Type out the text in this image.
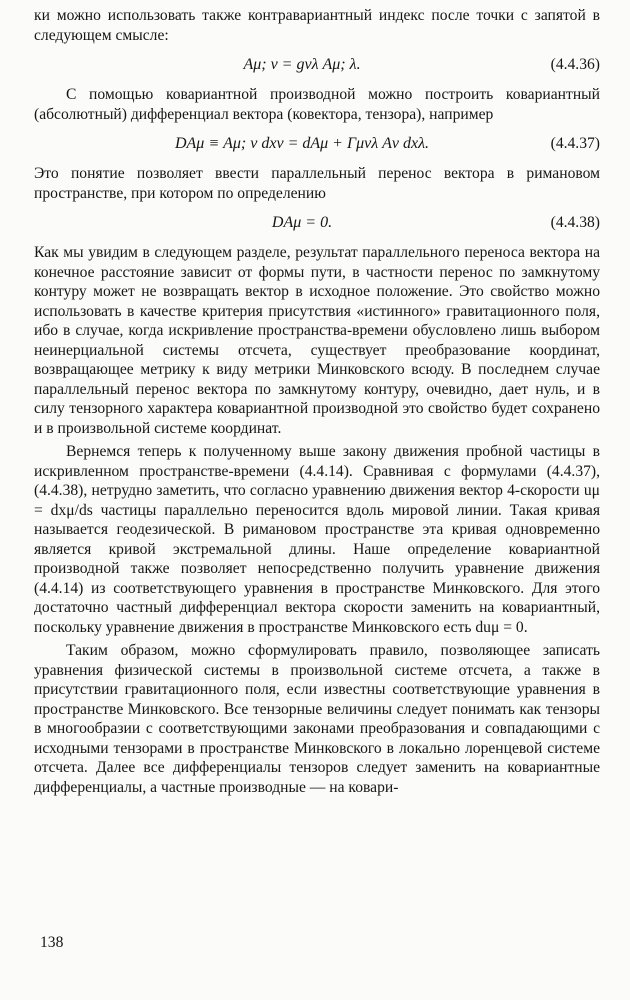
ки можно использовать также контравариантный индекс после точки с запятой в следующем смысле:

Aμ; ν = gνλ Aμ; λ.	(4.4.36)

С помощью ковариантной производной можно построить ковариантный (абсолютный) дифференциал вектора (ковектора, тензора), например

DAμ ≡ Aμ; ν dxν = dAμ + Γμνλ Aν dxλ.	(4.4.37)

Это понятие позволяет ввести параллельный перенос вектора в римановом пространстве, при котором по определению

DAμ = 0.	(4.4.38)

Как мы увидим в следующем разделе, результат параллельного переноса вектора на конечное расстояние зависит от формы пути, в частности перенос по замкнутому контуру может не возвращать вектор в исходное положение. Это свойство можно использовать в качестве критерия присутствия «истинного» гравитационного поля, ибо в случае, когда искривление пространства-времени обусловлено лишь выбором неинерциальной системы отсчета, существует преобразование координат, возвращающее метрику к виду метрики Минковского всюду. В последнем случае параллельный перенос вектора по замкнутому контуру, очевидно, дает нуль, и в силу тензорного характера ковариантной производной это свойство будет сохранено и в произвольной системе координат.

Вернемся теперь к полученному выше закону движения пробной частицы в искривленном пространстве-времени (4.4.14). Сравнивая с формулами (4.4.37), (4.4.38), нетрудно заметить, что согласно уравнению движения вектор 4-скорости uμ = dxμ/ds частицы параллельно переносится вдоль мировой линии. Такая кривая называется геодезической. В римановом пространстве эта кривая одновременно является кривой экстремальной длины. Наше определение ковариантной производной также позволяет непосредственно получить уравнение движения (4.4.14) из соответствующего уравнения в пространстве Минковского. Для этого достаточно частный дифференциал вектора скорости заменить на ковариантный, поскольку уравнение движения в пространстве Минковского есть duμ = 0.

Таким образом, можно сформулировать правило, позволяющее записать уравнения физической системы в произвольной системе отсчета, а также в присутствии гравитационного поля, если известны соответствующие уравнения в пространстве Минковского. Все тензорные величины следует понимать как тензоры в многообразии с соответствующими законами преобразования и совпадающими с исходными тензорами в пространстве Минковского в локально лоренцевой системе отсчета. Далее все дифференциалы тензоров следует заменить на ковариантные дифференциалы, а частные производные — на ковари-

138
